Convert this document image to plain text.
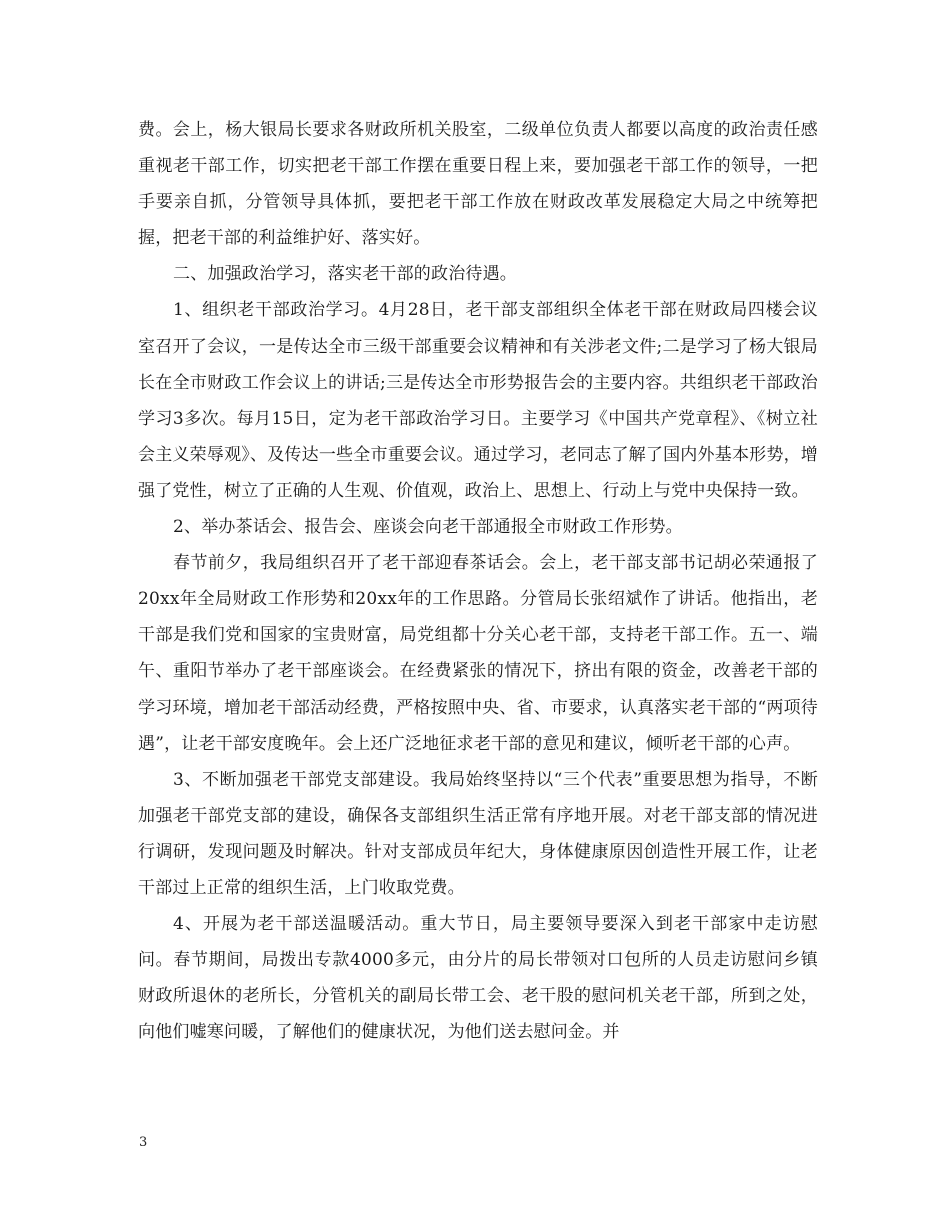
费。会上，杨大银局长要求各财政所机关股室，二级单位负责人都要以高度的政治责任感重视老干部工作，切实把老干部工作摆在重要日程上来，要加强老干部工作的领导，一把手要亲自抓，分管领导具体抓，要把老干部工作放在财政改革发展稳定大局之中统筹把握，把老干部的利益维护好、落实好。

二、加强政治学习，落实老干部的政治待遇。

1、组织老干部政治学习。4月28日，老干部支部组织全体老干部在财政局四楼会议室召开了会议，一是传达全市三级干部重要会议精神和有关涉老文件;二是学习了杨大银局长在全市财政工作会议上的讲话;三是传达全市形势报告会的主要内容。共组织老干部政治学习3多次。每月15日，定为老干部政治学习日。主要学习《中国共产党章程》、《树立社会主义荣辱观》、及传达一些全市重要会议。通过学习，老同志了解了国内外基本形势，增强了党性，树立了正确的人生观、价值观，政治上、思想上、行动上与党中央保持一致。

2、举办茶话会、报告会、座谈会向老干部通报全市财政工作形势。

春节前夕，我局组织召开了老干部迎春茶话会。会上，老干部支部书记胡必荣通报了20xx年全局财政工作形势和20xx年的工作思路。分管局长张绍斌作了讲话。他指出，老干部是我们党和国家的宝贵财富，局党组都十分关心老干部，支持老干部工作。五一、端午、重阳节举办了老干部座谈会。在经费紧张的情况下，挤出有限的资金，改善老干部的学习环境，增加老干部活动经费，严格按照中央、省、市要求，认真落实老干部的“两项待遇”，让老干部安度晚年。会上还广泛地征求老干部的意见和建议，倾听老干部的心声。

3、不断加强老干部党支部建设。我局始终坚持以“三个代表”重要思想为指导，不断加强老干部党支部的建设，确保各支部组织生活正常有序地开展。对老干部支部的情况进行调研，发现问题及时解决。针对支部成员年纪大，身体健康原因创造性开展工作，让老干部过上正常的组织生活，上门收取党费。

4、开展为老干部送温暖活动。重大节日，局主要领导要深入到老干部家中走访慰问。春节期间，局拨出专款4000多元，由分片的局长带领对口包所的人员走访慰问乡镇财政所退休的老所长，分管机关的副局长带工会、老干股的慰问机关老干部，所到之处，向他们嘘寒问暖，了解他们的健康状况，为他们送去慰问金。并

3
